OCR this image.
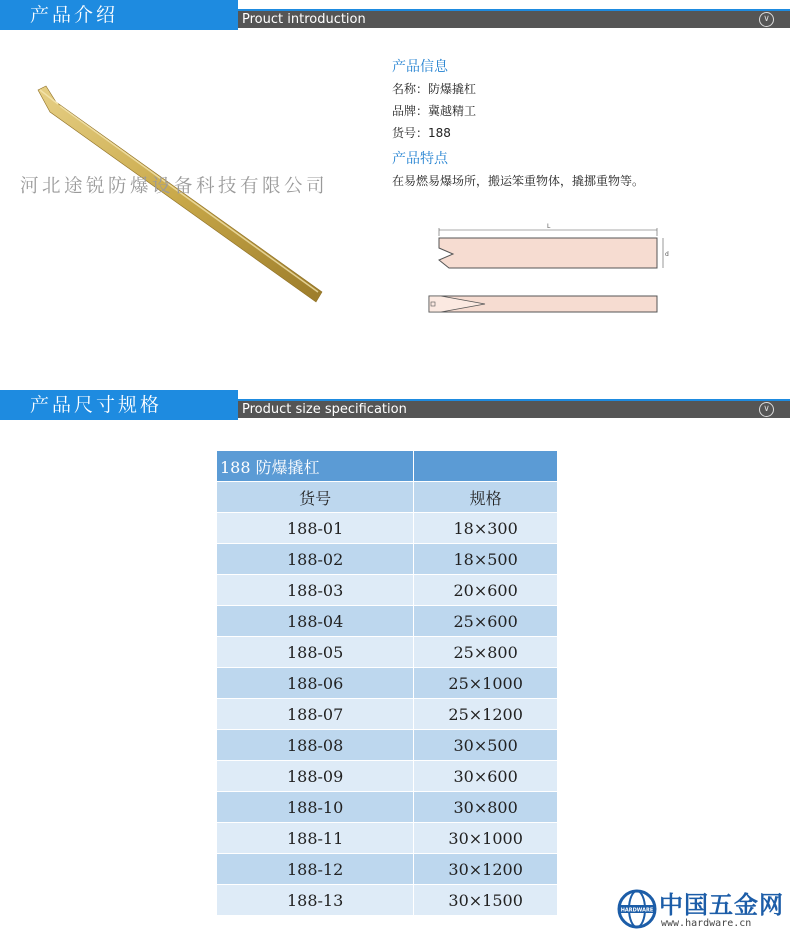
产品介绍	Prouct introduction	∨
河北途锐防爆设备科技有限公司
产品信息

名称：防爆撬杠

品牌：冀越精工

货号：188

产品特点

在易燃易爆场所，搬运笨重物体，撬挪重物等。

L
d
产品尺寸规格	Product size specification	∨
188 防爆撬杠	
货号	规格
188-01	18×300
188-02	18×500
188-03	20×600
188-04	25×600
188-05	25×800
188-06	25×1000
188-07	25×1200
188-08	30×500
188-09	30×600
188-10	30×800
188-11	30×1000
188-12	30×1200
188-13	30×1500
HARDWARE 中国五金网
www.hardware.cn
